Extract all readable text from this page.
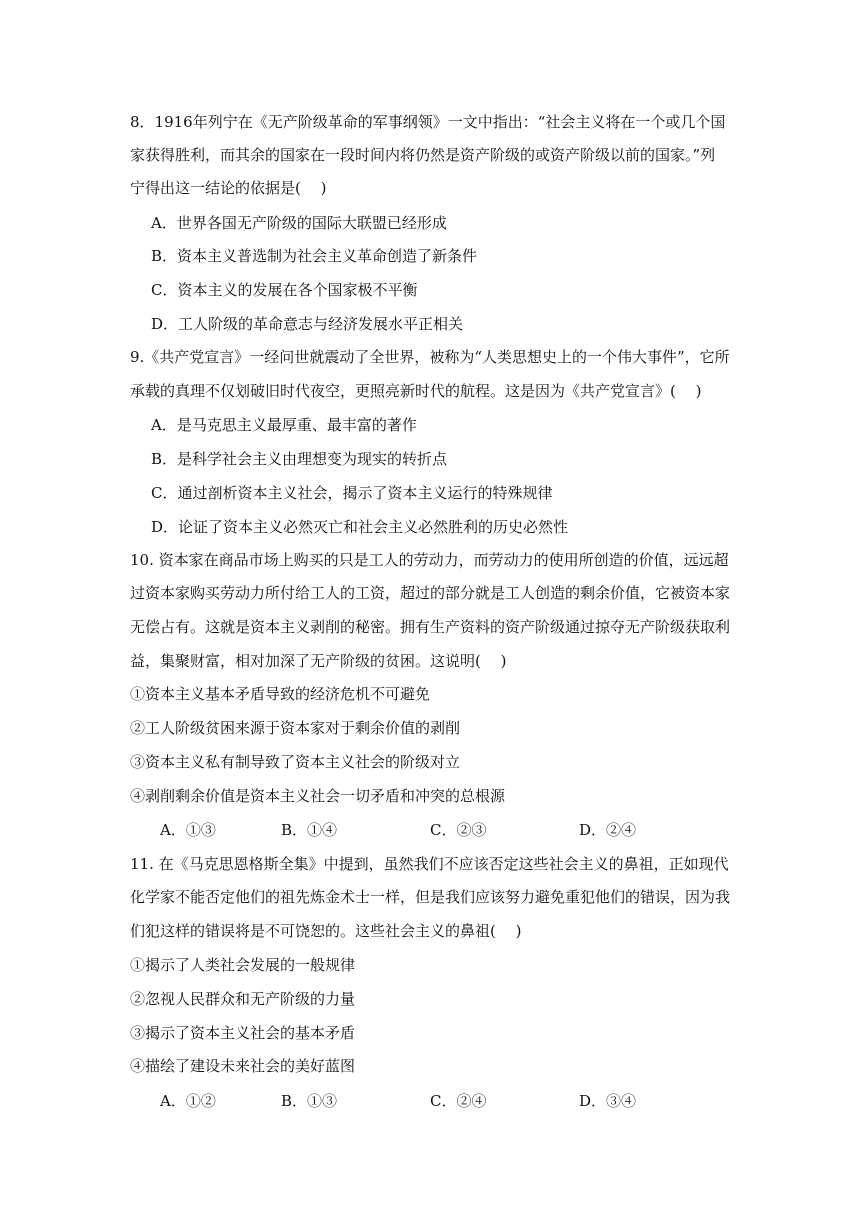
8．1916年列宁在《无产阶级革命的军事纲领》一文中指出：“社会主义将在一个或几个国
家获得胜利，而其余的国家在一段时间内将仍然是资产阶级的或资产阶级以前的国家。”列
宁得出这一结论的依据是(　 )
A．世界各国无产阶级的国际大联盟已经形成
B．资本主义普选制为社会主义革命创造了新条件
C．资本主义的发展在各个国家极不平衡
D．工人阶级的革命意志与经济发展水平正相关
9.《共产党宣言》一经问世就震动了全世界，被称为“人类思想史上的一个伟大事件”，它所
承载的真理不仅划破旧时代夜空，更照亮新时代的航程。这是因为《共产党宣言》(　 )
A．是马克思主义最厚重、最丰富的著作
B．是科学社会主义由理想变为现实的转折点
C．通过剖析资本主义社会，揭示了资本主义运行的特殊规律
D．论证了资本主义必然灭亡和社会主义必然胜利的历史必然性
10. 资本家在商品市场上购买的只是工人的劳动力，而劳动力的使用所创造的价值，远远超
过资本家购买劳动力所付给工人的工资，超过的部分就是工人创造的剩余价值，它被资本家
无偿占有。这就是资本主义剥削的秘密。拥有生产资料的资产阶级通过掠夺无产阶级获取利
益，集聚财富，相对加深了无产阶级的贫困。这说明(　 )
①资本主义基本矛盾导致的经济危机不可避免
②工人阶级贫困来源于资本家对于剩余价值的剥削
③资本主义私有制导致了资本主义社会的阶级对立
④剥削剩余价值是资本主义社会一切矛盾和冲突的总根源
A．①③	B．①④	C．②③	D．②④
11. 在《马克思恩格斯全集》中提到，虽然我们不应该否定这些社会主义的鼻祖，正如现代
化学家不能否定他们的祖先炼金术士一样，但是我们应该努力避免重犯他们的错误，因为我
们犯这样的错误将是不可饶恕的。这些社会主义的鼻祖(　 )
①揭示了人类社会发展的一般规律
②忽视人民群众和无产阶级的力量
③揭示了资本主义社会的基本矛盾
④描绘了建设未来社会的美好蓝图
A．①②	B．①③	C．②④	D．③④
